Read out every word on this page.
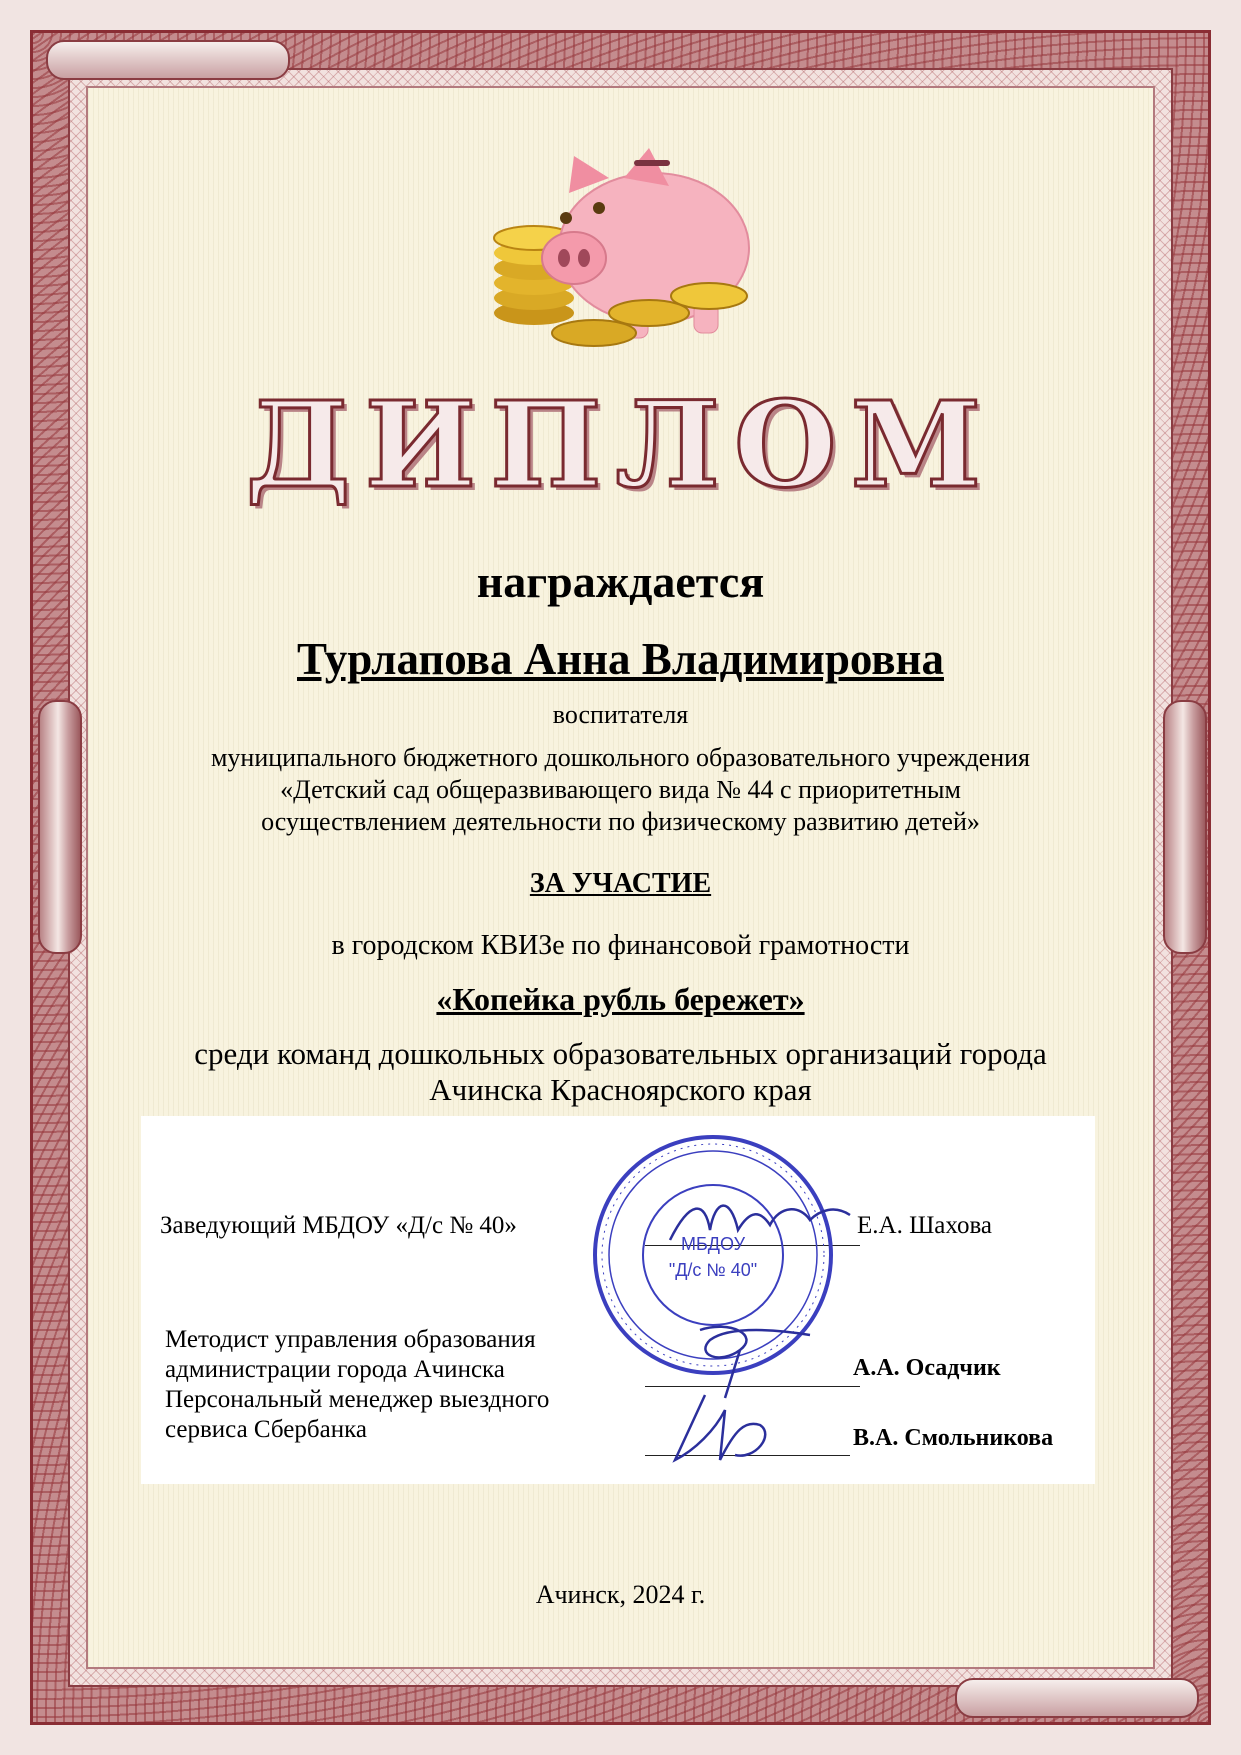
ДИПЛОМ
награждается
Турлапова Анна Владимировна
воспитателя
муниципального бюджетного дошкольного образовательного учреждения
«Детский сад общеразвивающего вида № 44 с приоритетным
осуществлением деятельности по физическому развитию детей»
ЗА УЧАСТИЕ
в городском КВИЗе по финансовой грамотности
«Копейка рубль бережет»
среди команд дошкольных образовательных организаций города
Ачинска Красноярского края
Заведующий МБДОУ «Д/с № 40»	Е.А. Шахова
Методист управления образования
администрации города Ачинска
Персональный менеджер выездного
сервиса Сбербанка
А.А. Осадчик
В.А. Смольникова
МБДОУ
"Д/с № 40"
Ачинск, 2024 г.
